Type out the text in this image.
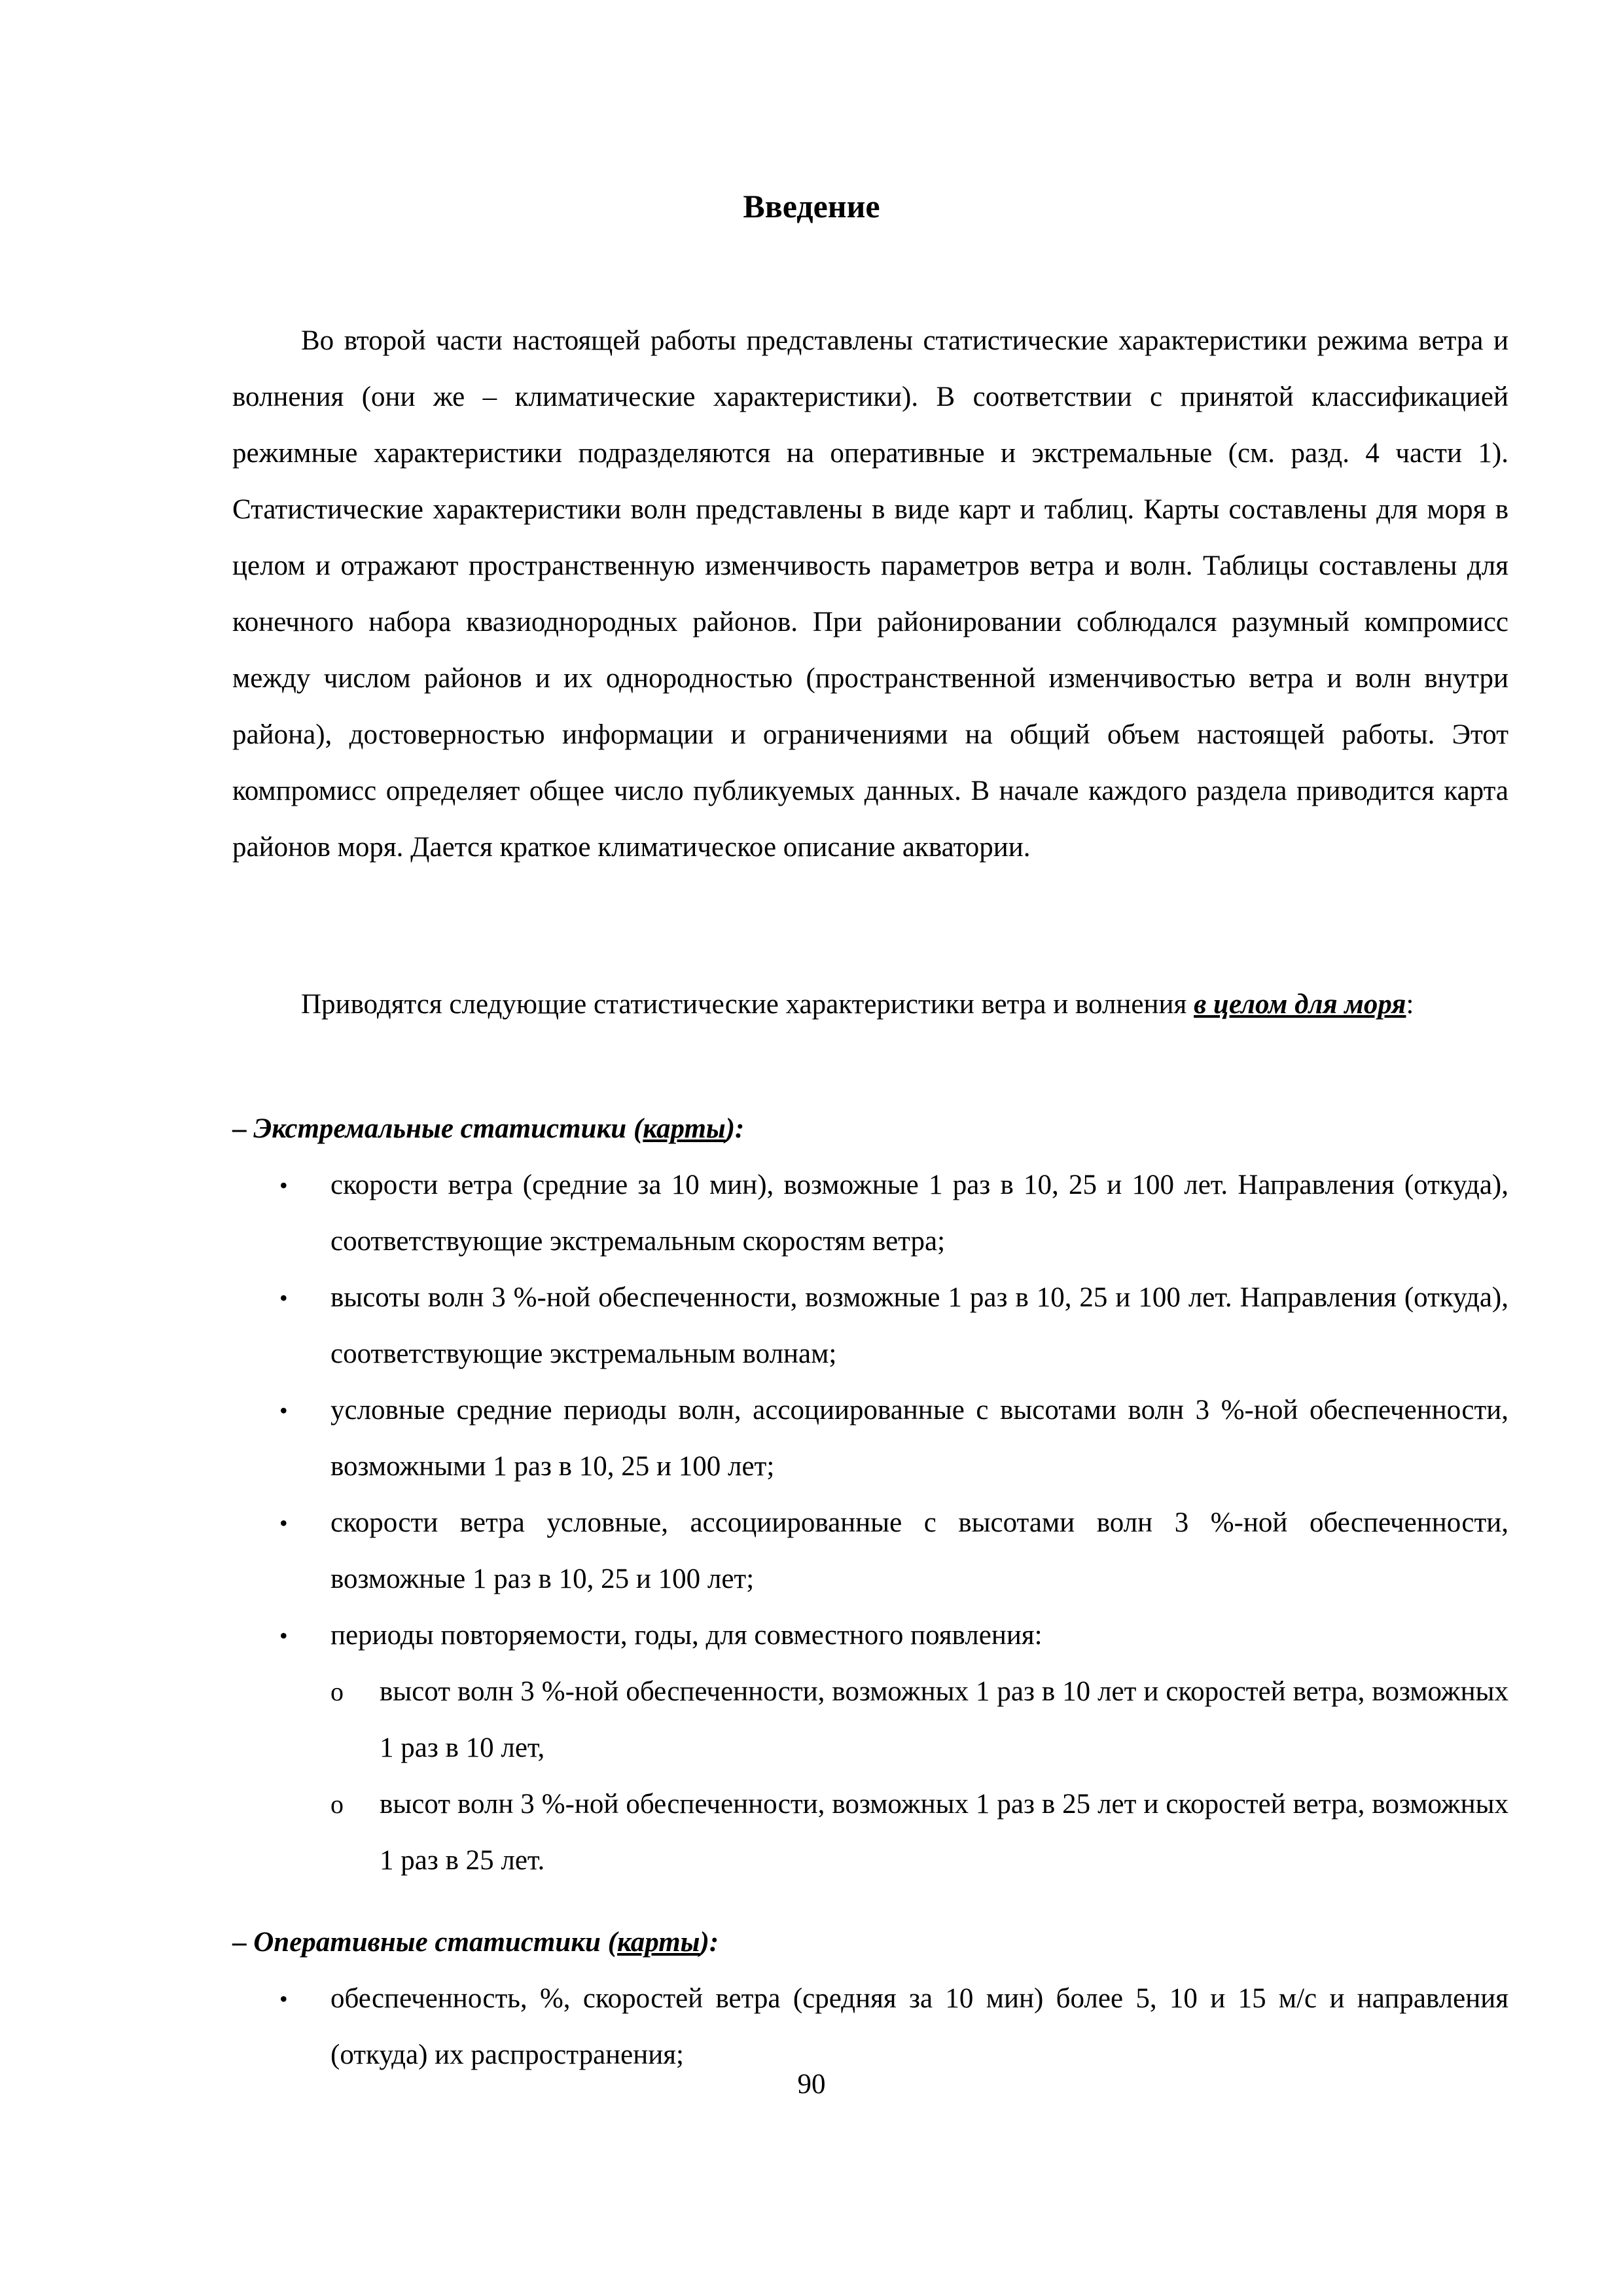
Введение

Во второй части настоящей работы представлены статистические характеристики режима ветра и волнения (они же – климатические характеристики). В соответствии с принятой классификацией режимные характеристики подразделяются на оперативные и экстремальные (см. разд. 4 части 1). Статистические характеристики волн представлены в виде карт и таблиц. Карты составлены для моря в целом и отражают пространственную изменчивость параметров ветра и волн. Таблицы составлены для конечного набора квазиоднородных районов. При районировании соблюдался разумный компромисс между числом районов и их однородностью (пространственной изменчивостью ветра и волн внутри района), достоверностью информации и ограничениями на общий объем настоящей работы. Этот компромисс определяет общее число публикуемых данных. В начале каждого раздела приводится карта районов моря. Дается краткое климатическое описание акватории.

Приводятся следующие статистические характеристики ветра и волнения в целом для моря:

– Экстремальные статистики (карты):

• скорости ветра (средние за 10 мин), возможные 1 раз в 10, 25 и 100 лет. Направления (откуда), соответствующие экстремальным скоростям ветра;
• высоты волн 3 %-ной обеспеченности, возможные 1 раз в 10, 25 и 100 лет. Направления (откуда), соответствующие экстремальным волнам;
• условные средние периоды волн, ассоциированные с высотами волн 3 %-ной обеспеченности, возможными 1 раз в 10, 25 и 100 лет;
• скорости ветра условные, ассоциированные с высотами волн 3 %-ной обеспеченности, возможные 1 раз в 10, 25 и 100 лет;
• периоды повторяемости, годы, для совместного появления:
o высот волн 3 %-ной обеспеченности, возможных 1 раз в 10 лет и скоростей ветра, возможных 1 раз в 10 лет,
o высот волн 3 %-ной обеспеченности, возможных 1 раз в 25 лет и скоростей ветра, возможных 1 раз в 25 лет.

– Оперативные статистики (карты):

• обеспеченность, %, скоростей ветра (средняя за 10 мин) более 5, 10 и 15 м/с и направления (откуда) их распространения;
90
